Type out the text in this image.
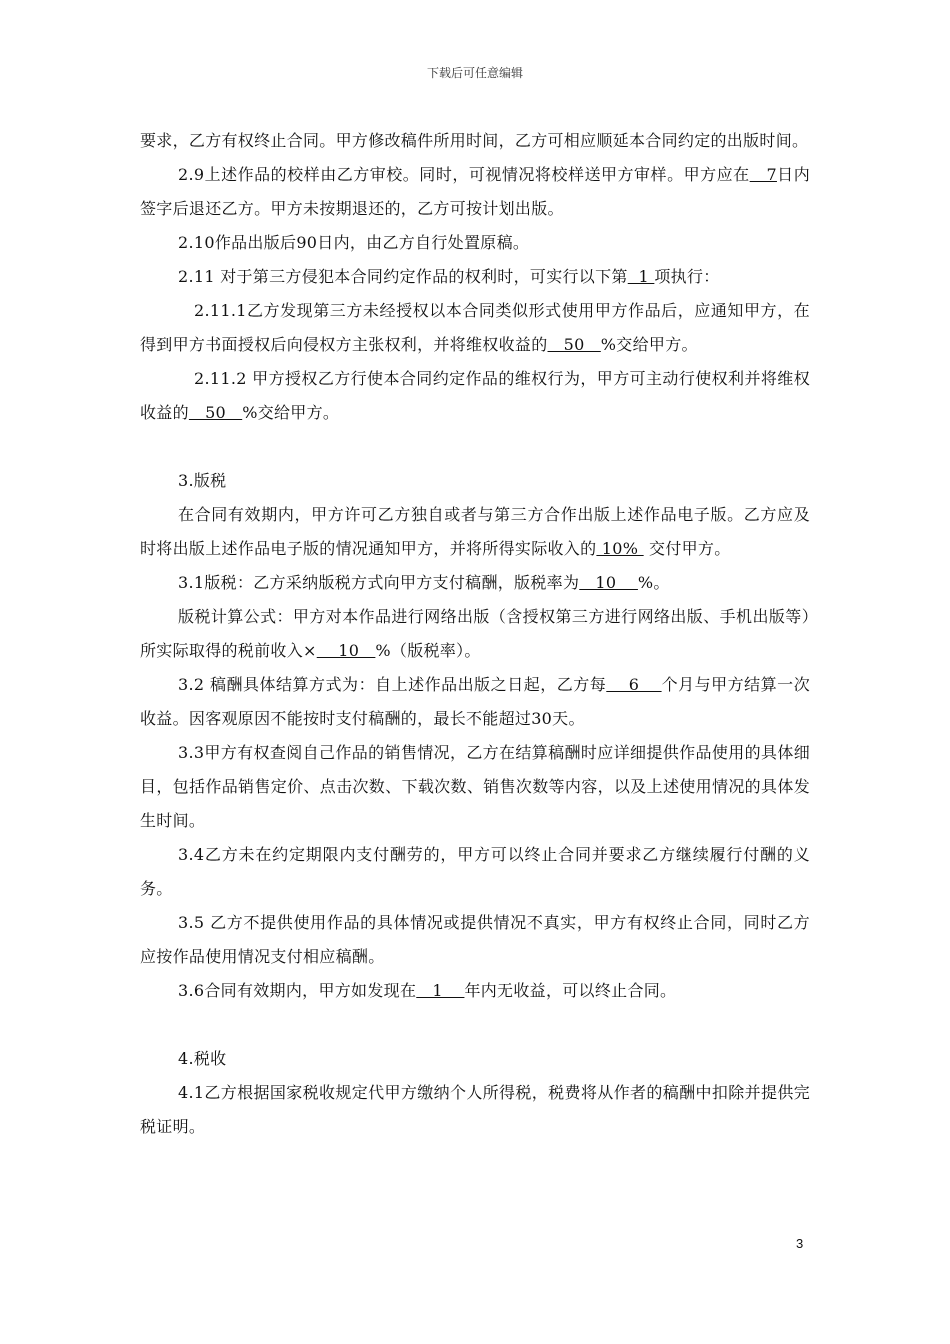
下载后可任意编辑

要求，乙方有权终止合同。甲方修改稿件所用时间，乙方可相应顺延本合同约定的出版时间。

2.9上述作品的校样由乙方审校。同时，可视情况将校样送甲方审样。甲方应在   7日内签字后退还乙方。甲方未按期退还的，乙方可按计划出版。

2.10作品出版后90日内，由乙方自行处置原稿。

2.11 对于第三方侵犯本合同约定作品的权利时，可实行以下第  1 项执行：

2.11.1乙方发现第三方未经授权以本合同类似形式使用甲方作品后，应通知甲方，在得到甲方书面授权后向侵权方主张权利，并将维权收益的   50   %交给甲方。

2.11.2 甲方授权乙方行使本合同约定作品的维权行为，甲方可主动行使权利并将维权收益的   50   %交给甲方。

3.版税

在合同有效期内，甲方许可乙方独自或者与第三方合作出版上述作品电子版。乙方应及时将出版上述作品电子版的情况通知甲方，并将所得实际收入的 10%  交付甲方。

3.1版税：乙方采纳版税方式向甲方支付稿酬，版税率为   10    %。

版税计算公式：甲方对本作品进行网络出版（含授权第三方进行网络出版、手机出版等）所实际取得的税前收入×    10   %（版税率）。

3.2 稿酬具体结算方式为：自上述作品出版之日起，乙方每    6    个月与甲方结算一次收益。因客观原因不能按时支付稿酬的，最长不能超过30天。

3.3甲方有权查阅自己作品的销售情况，乙方在结算稿酬时应详细提供作品使用的具体细目，包括作品销售定价、点击次数、下载次数、销售次数等内容，以及上述使用情况的具体发生时间。

3.4乙方未在约定期限内支付酬劳的，甲方可以终止合同并要求乙方继续履行付酬的义务。

3.5 乙方不提供使用作品的具体情况或提供情况不真实，甲方有权终止合同，同时乙方应按作品使用情况支付相应稿酬。

3.6合同有效期内，甲方如发现在   1    年内无收益，可以终止合同。

4.税收

4.1乙方根据国家税收规定代甲方缴纳个人所得税，税费将从作者的稿酬中扣除并提供完税证明。

3
